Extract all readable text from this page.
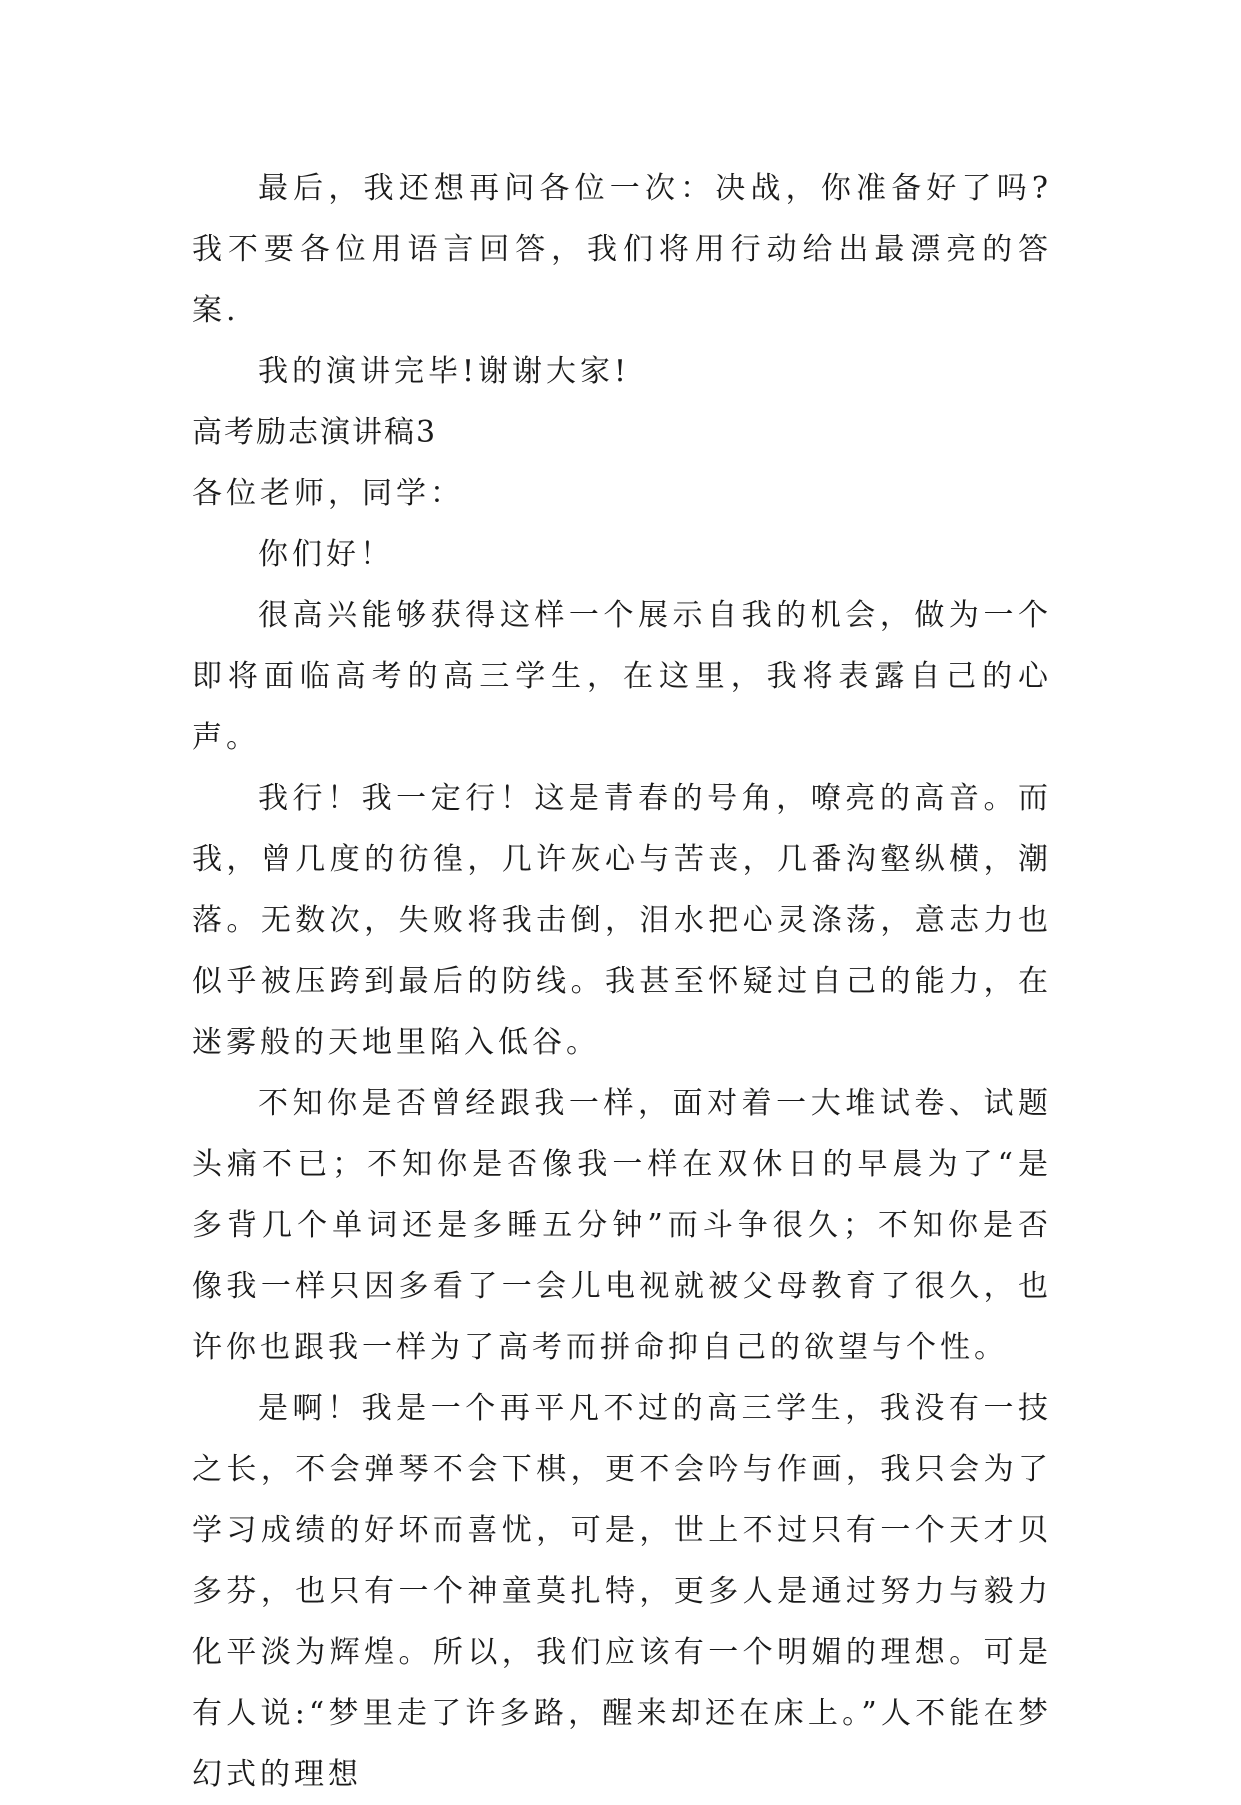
最后，我还想再问各位一次：决战，你准备好了吗?我不要各位用语言回答，我们将用行动给出最漂亮的答案.

我的演讲完毕!谢谢大家!

高考励志演讲稿3

各位老师，同学：

你们好！

很高兴能够获得这样一个展示自我的机会，做为一个即将面临高考的高三学生，在这里，我将表露自己的心声。

我行！我一定行！这是青春的号角，嘹亮的高音。而我，曾几度的彷徨，几许灰心与苦丧，几番沟壑纵横，潮落。无数次，失败将我击倒，泪水把心灵涤荡，意志力也似乎被压跨到最后的防线。我甚至怀疑过自己的能力，在迷雾般的天地里陷入低谷。

不知你是否曾经跟我一样，面对着一大堆试卷、试题头痛不已；不知你是否像我一样在双休日的早晨为了“是多背几个单词还是多睡五分钟”而斗争很久；不知你是否像我一样只因多看了一会儿电视就被父母教育了很久，也许你也跟我一样为了高考而拼命抑自己的欲望与个性。

是啊！我是一个再平凡不过的高三学生，我没有一技之长，不会弹琴不会下棋，更不会吟与作画，我只会为了学习成绩的好坏而喜忧，可是，世上不过只有一个天才贝多芬，也只有一个神童莫扎特，更多人是通过努力与毅力化平淡为辉煌。所以，我们应该有一个明媚的理想。可是有人说:“梦里走了许多路，醒来却还在床上。”人不能在梦幻式的理想
